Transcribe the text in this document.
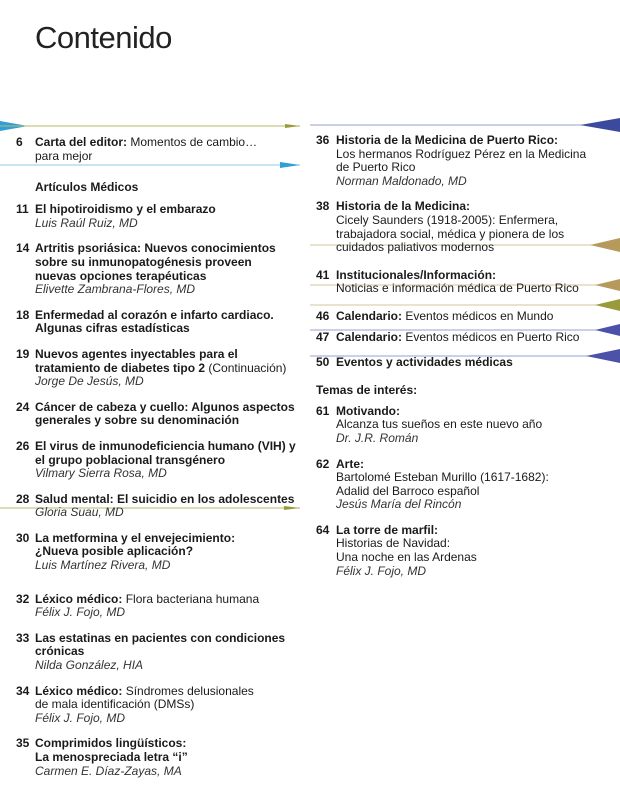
Contenido
6 Carta del editor: Momentos de cambio…
para mejor
Artículos Médicos
11 El hipotiroidismo y el embarazo
Luis Raúl Ruiz, MD
14 Artritis psoriásica: Nuevos conocimientos
sobre su inmunopatogénesis proveen
nuevas opciones terapéuticas
Elivette Zambrana-Flores, MD
18 Enfermedad al corazón e infarto cardiaco.
Algunas cifras estadísticas
19 Nuevos agentes inyectables para el
tratamiento de diabetes tipo 2 (Continuación)
Jorge De Jesús, MD
24 Cáncer de cabeza y cuello: Algunos aspectos
generales y sobre su denominación
26 El virus de inmunodeficiencia humano (VIH) y
el grupo poblacional transgénero
Vilmary Sierra Rosa, MD
28 Salud mental: El suicidio en los adolescentes
Gloria Suau, MD
30 La metformina y el envejecimiento:
¿Nueva posible aplicación?
Luis Martínez Rivera, MD
32 Léxico médico: Flora bacteriana humana
Félix J. Fojo, MD
33 Las estatinas en pacientes con condiciones
crónicas
Nilda González, HIA
34 Léxico médico: Síndromes delusionales
de mala identificación (DMSs)
Félix J. Fojo, MD
35 Comprimidos lingüísticos:
La menospreciada letra “i”
Carmen E. Díaz-Zayas, MA
36 Historia de la Medicina de Puerto Rico:
Los hermanos Rodríguez Pérez en la Medicina
de Puerto Rico
Norman Maldonado, MD
38 Historia de la Medicina:
Cicely Saunders (1918-2005): Enfermera,
trabajadora social, médica y pionera de los
cuidados paliativos modernos
41 Institucionales/Información:
Noticias e información médica de Puerto Rico
46 Calendario: Eventos médicos en Mundo
47 Calendario: Eventos médicos en Puerto Rico
50 Eventos y actividades médicas
Temas de interés:
61 Motivando:
Alcanza tus sueños en este nuevo año
Dr. J.R. Román
62 Arte:
Bartolomé Esteban Murillo (1617-1682):
Adalid del Barroco español
Jesús María del Rincón
64 La torre de marfil:
Historias de Navidad:
Una noche en las Ardenas
Félix J. Fojo, MD
